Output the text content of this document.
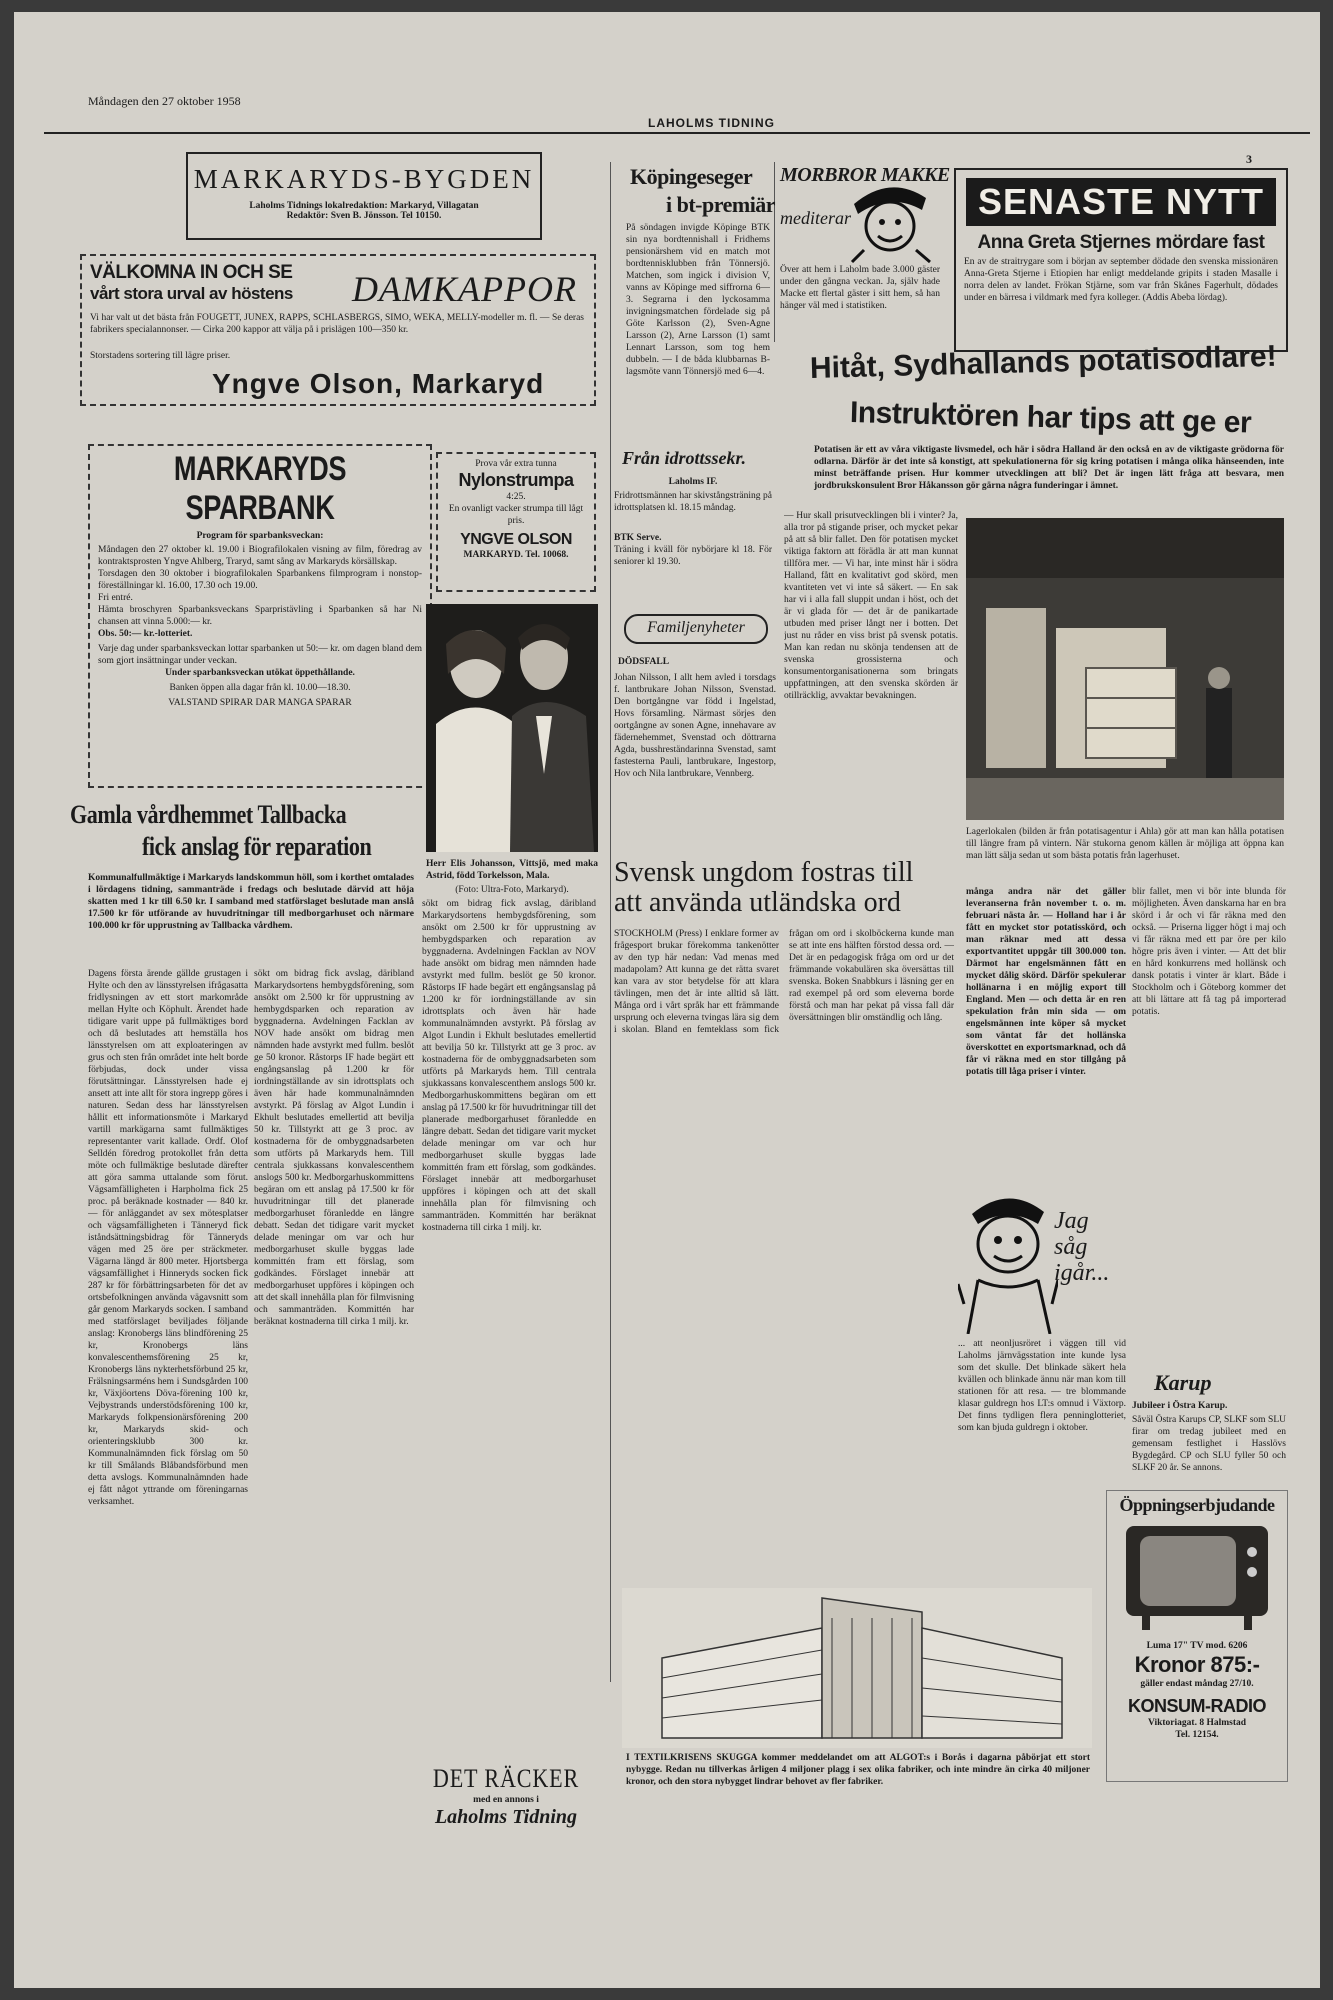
Måndagen den 27 oktober 1958
LAHOLMS TIDNING
3
MARKARYDS-BYGDEN
Laholms Tidnings lokalredaktion: Markaryd, Villagatan
Redaktör: Sven B. Jönsson. Tel 10150.
VÄLKOMNA IN OCH SE
vårt stora urval av höstens DAMKAPPOR
Vi har valt ut det bästa från FOUGETT, JUNEX, RAPPS, SCHLASBERGS, SIMO, WEKA, MELLY-modeller m. fl. — Se deras fabrikers specialannonser. — Cirka 200 kappor att välja på i prislägen 100—350 kr.
Storstadens sortering till lägre priser.
Yngve Olson, Markaryd
MARKARYDS SPARBANK
Program för sparbanksveckan:

Måndagen den 27 oktober kl. 19.00 i Biografilokalen visning av film, föredrag av kontraktsprosten Yngve Ahlberg, Traryd, samt sång av Markaryds körsällskap.

Torsdagen den 30 oktober i biografilokalen Sparbankens filmprogram i nonstop-föreställningar kl. 16.00, 17.30 och 19.00.

Fri entré.

Hämta broschyren Sparbanksveckans Sparpristävling i Sparbanken så har Ni chansen att vinna 5.000:— kr.

Obs. 50:— kr.-lotteriet.

Varje dag under sparbanksveckan lottar sparbanken ut 50:— kr. om dagen bland dem som gjort insättningar under veckan.

Under sparbanksveckan utökat öppethållande.

Banken öppen alla dagar från kl. 10.00—18.30.

VALSTAND SPIRAR DAR MANGA SPARAR

Prova vår extra tunna
Nylonstrumpa
4:25.
En ovanligt vacker strumpa till lågt pris.
YNGVE OLSON
MARKARYD. Tel. 10068.
Herr Elis Johansson, Vittsjö, med maka Astrid, född Torkelsson, Mala.
(Foto: Ultra-Foto, Markaryd).
Gamla vårdhemmet Tallbacka
fick anslag för reparation
Kommunalfullmäktige i Markaryds landskommun höll, som i korthet omtalades i lördagens tidning, sammanträde i fredags och beslutade därvid att höja skatten med 1 kr till 6.50 kr. I samband med statförslaget beslutade man anslå 17.500 kr för utförande av huvudritningar till medborgarhuset och närmare 100.000 kr för upprustning av Tallbacka vårdhem.
Dagens första ärende gällde grustagen i Hylte och den av länsstyrelsen ifrågasatta fridlysningen av ett stort markområde mellan Hylte och Köphult. Ärendet hade tidigare varit uppe på fullmäktiges bord och då beslutades att hemställa hos länsstyrelsen om att exploateringen av grus och sten från området inte helt borde förbjudas, dock under vissa förutsättningar. Länsstyrelsen hade ej ansett att inte allt för stora ingrepp göres i naturen. Sedan dess har länsstyrelsen hållit ett informationsmöte i Markaryd vartill markägarna samt fullmäktiges representanter varit kallade. Ordf. Olof Selldén föredrog protokollet från detta möte och fullmäktige beslutade därefter att göra samma uttalande som förut. Vägsamfälligheten i Harpholma fick 25 proc. på beräknade kostnader — 840 kr. — för anläggandet av sex mötesplatser och vägsamfälligheten i Tänneryd fick iståndsättningsbidrag för Tänneryds vägen med 25 öre per sträckmeter. Vägarna längd är 800 meter. Hjortsberga vägsamfällighet i Hinneryds socken fick 287 kr för förbättringsarbeten för det av ortsbefolkningen använda vägavsnitt som går genom Markaryds socken. I samband med statförslaget beviljades följande anslag: Kronobergs läns blindförening 25 kr, Kronobergs läns konvalescenthemsförening 25 kr, Kronobergs läns nykterhetsförbund 25 kr, Frälsningsarméns hem i Sundsgården 100 kr, Växjöortens Döva-förening 100 kr, Vejbystrands understödsförening 100 kr, Markaryds folkpensionärsförening 200 kr, Markaryds skid- och orienteringsklubb 300 kr. Kommunalnämnden fick förslag om 50 kr till Smålands Blåbandsförbund men detta avslogs. Kommunalnämnden hade ej fått något yttrande om föreningarnas verksamhet.
sökt om bidrag fick avslag, däribland Markarydsortens hembygdsförening, som ansökt om 2.500 kr för upprustning av hembygdsparken och reparation av byggnaderna. Avdelningen Facklan av NOV hade ansökt om bidrag men nämnden hade avstyrkt med fullm. beslöt ge 50 kronor. Råstorps IF hade begärt ett engångsanslag på 1.200 kr för iordningställande av sin idrottsplats och även här hade kommunalnämnden avstyrkt. På förslag av Algot Lundin i Ekhult beslutades emellertid att bevilja 50 kr. Tillstyrkt att ge 3 proc. av kostnaderna för de ombyggnadsarbeten som utförts på Markaryds hem. Till centrala sjukkassans konvalescenthem anslogs 500 kr. Medborgarhuskommittens begäran om ett anslag på 17.500 kr för huvudritningar till det planerade medborgarhuset föranledde en längre debatt. Sedan det tidigare varit mycket delade meningar om var och hur medborgarhuset skulle byggas lade kommittén fram ett förslag, som godkändes. Förslaget innebär att medborgarhuset uppföres i köpingen och att det skall innehålla plan för filmvisning och sammanträden. Kommittén har beräknat kostnaderna till cirka 1 milj. kr.
sökt om bidrag fick avslag, däribland Markarydsortens hembygdsförening, som ansökt om 2.500 kr för upprustning av hembygdsparken och reparation av byggnaderna. Avdelningen Facklan av NOV hade ansökt om bidrag men nämnden hade avstyrkt med fullm. beslöt ge 50 kronor. Råstorps IF hade begärt ett engångsanslag på 1.200 kr för iordningställande av sin idrottsplats och även här hade kommunalnämnden avstyrkt. På förslag av Algot Lundin i Ekhult beslutades emellertid att bevilja 50 kr. Tillstyrkt att ge 3 proc. av kostnaderna för de ombyggnadsarbeten som utförts på Markaryds hem. Till centrala sjukkassans konvalescenthem anslogs 500 kr. Medborgarhuskommittens begäran om ett anslag på 17.500 kr för huvudritningar till det planerade medborgarhuset föranledde en längre debatt. Sedan det tidigare varit mycket delade meningar om var och hur medborgarhuset skulle byggas lade kommittén fram ett förslag, som godkändes. Förslaget innebär att medborgarhuset uppföres i köpingen och att det skall innehålla plan för filmvisning och sammanträden. Kommittén har beräknat kostnaderna till cirka 1 milj. kr.
DET RÄCKER
med en annons i
Laholms Tidning
Köpingeseger
i bt-premiär
På söndagen invigde Köpinge BTK sin nya bordtennishall i Fridhems pensionärshem vid en match mot bordtennisklubben från Tönnersjö. Matchen, som ingick i division V, vanns av Köpinge med siffrorna 6—3. Segrarna i den lyckosamma invigningsmatchen fördelade sig på Göte Karlsson (2), Sven-Agne Larsson (2), Arne Larsson (1) samt Lennart Larsson, som tog hem dubbeln. — I de båda klubbarnas B-lagsmöte vann Tönnersjö med 6—4.
MORBROR MAKKE
mediterar
Över att hem i Laholm bade 3.000 gäster under den gångna veckan. Ja, själv hade Macke ett flertal gäster i sitt hem, så han hänger väl med i statistiken.
Från idrottssekr.
Laholms IF.
Fridrottsmännen har skivstångsträning på idrottsplatsen kl. 18.15 måndag.
BTK Serve.
Träning i kväll för nybörjare kl 18. För seniorer kl 19.30.
Familjenyheter
DÖDSFALL
Johan Nilsson, I allt hem avled i torsdags f. lantbrukare Johan Nilsson, Svenstad. Den bortgångne var född i Ingelstad, Hovs församling. Närmast sörjes den oortgångne av sonen Agne, innehavare av fädernehemmet, Svenstad och döttrarna Agda, busshreständarinna Svenstad, samt fastesterna Pauli, lantbrukare, Ingestorp, Hov och Nila lantbrukare, Vennberg.
SENASTE NYTT
Anna Greta Stjernes mördare fast
En av de straitrygare som i början av september dödade den svenska missionären Anna-Greta Stjerne i Etiopien har enligt meddelande gripits i staden Masalle i norra delen av landet. Frökan Stjärne, som var från Skånes Fagerhult, dödades under en bärresa i vildmark med fyra kolleger. (Addis Abeba lördag).
Hitåt, Sydhallands potatisodlare!
Instruktören har tips att ge er
Potatisen är ett av våra viktigaste livsmedel, och här i södra Halland är den också en av de viktigaste grödorna för odlarna. Därför är det inte så konstigt, att spekulationerna för sig kring potatisen i många olika hänseenden, inte minst beträffande prisen. Hur kommer utvecklingen att bli? Det är ingen lätt fråga att besvara, men jordbrukskonsulent Bror Håkansson gör gärna några funderingar i ämnet.
— Hur skall prisutvecklingen bli i vinter? Ja, alla tror på stigande priser, och mycket pekar på att så blir fallet. Den för potatisen mycket viktiga faktorn att förädla är att man kunnat tillföra mer. — Vi har, inte minst här i södra Halland, fått en kvalitativt god skörd, men kvantiteten vet vi inte så säkert. — En sak har vi i alla fall sluppit undan i höst, och det är vi glada för — det är de panikartade utbuden med priser långt ner i botten. Det just nu råder en viss brist på svensk potatis. Man kan redan nu skönja tendensen att de svenska grossisterna och konsumentorganisationerna som bringats uppfattningen, att den svenska skörden är otillräcklig, avvaktar bevakningen.
Lagerlokalen (bilden är från potatisagentur i Ahla) gör att man kan hålla potatisen till längre fram på vintern. När stukorna genom källen är möjliga att öppna kan man lätt sälja sedan ut som bästa potatis från lagerhuset.
Svensk ungdom fostras till
att använda utländska ord
STOCKHOLM (Press) I enklare former av frågesport brukar förekomma tankenötter av den typ här nedan: Vad menas med madapolam? Att kunna ge det rätta svaret kan vara av stor betydelse för att klara tävlingen, men det är inte alltid så lätt. Många ord i vårt språk har ett främmande ursprung och eleverna tvingas lära sig dem i skolan. Bland en femteklass som fick frågan om ord i skolböckerna kunde man se att inte ens hälften förstod dessa ord. — Det är en pedagogisk fråga om ord ur det främmande vokabulären ska översättas till svenska. Boken Snabbkurs i läsning ger en rad exempel på ord som eleverna borde förstå och man har pekat på vissa fall där översättningen blir omständlig och lång.
många andra när det gäller leveranserna från november t. o. m. februari nästa år. — Holland har i år fått en mycket stor potatisskörd, och man räknar med att dessa exportvantitet uppgår till 300.000 ton. Därmot har engelsmännen fått en mycket dålig skörd. Därför spekulerar hollänarna i en möjlig export till England. Men — och detta är en ren spekulation från min sida — om engelsmännen inte köper så mycket som väntat får det hollänska överskottet en exportsmarknad, och då får vi räkna med en stor tillgång på potatis till låga priser i vinter.
blir fallet, men vi bör inte blunda för möjligheten. Även danskarna har en bra skörd i år och vi får räkna med den också. — Priserna ligger högt i maj och vi får räkna med ett par öre per kilo högre pris även i vinter. — Att det blir en hård konkurrens med hollänsk och dansk potatis i vinter är klart. Både i Stockholm och i Göteborg kommer det att bli lättare att få tag på importerad potatis.
Jag såg igår...
... att neonljusröret i väggen till vid Laholms järnvägsstation inte kunde lysa som det skulle. Det blinkade säkert hela kvällen och blinkade ännu när man kom till stationen för att resa. — tre blommande klasar guldregn hos LT:s omnud i Växtorp. Det finns tydligen flera penninglotteriet, som kan bjuda guldregn i oktober.
Karup
Jubileer i Östra Karup.
Såväl Östra Karups CP, SLKF som SLU firar om tredag jubileet med en gemensam festlighet i Hasslövs Bygdegård. CP och SLU fyller 50 och SLKF 20 år. Se annons.
Öppningserbjudande
Luma 17" TV mod. 6206
Kronor 875:-
gäller endast måndag 27/10.
KONSUM-RADIO
Viktoriagat. 8 Halmstad
Tel. 12154.
I TEXTILKRISENS SKUGGA kommer meddelandet om att ALGOT:s i Borås i dagarna påbörjat ett stort nybygge. Redan nu tillverkas årligen 4 miljoner plagg i sex olika fabriker, och inte mindre än cirka 40 miljoner kronor, och den stora nybygget lindrar behovet av fler fabriker.
